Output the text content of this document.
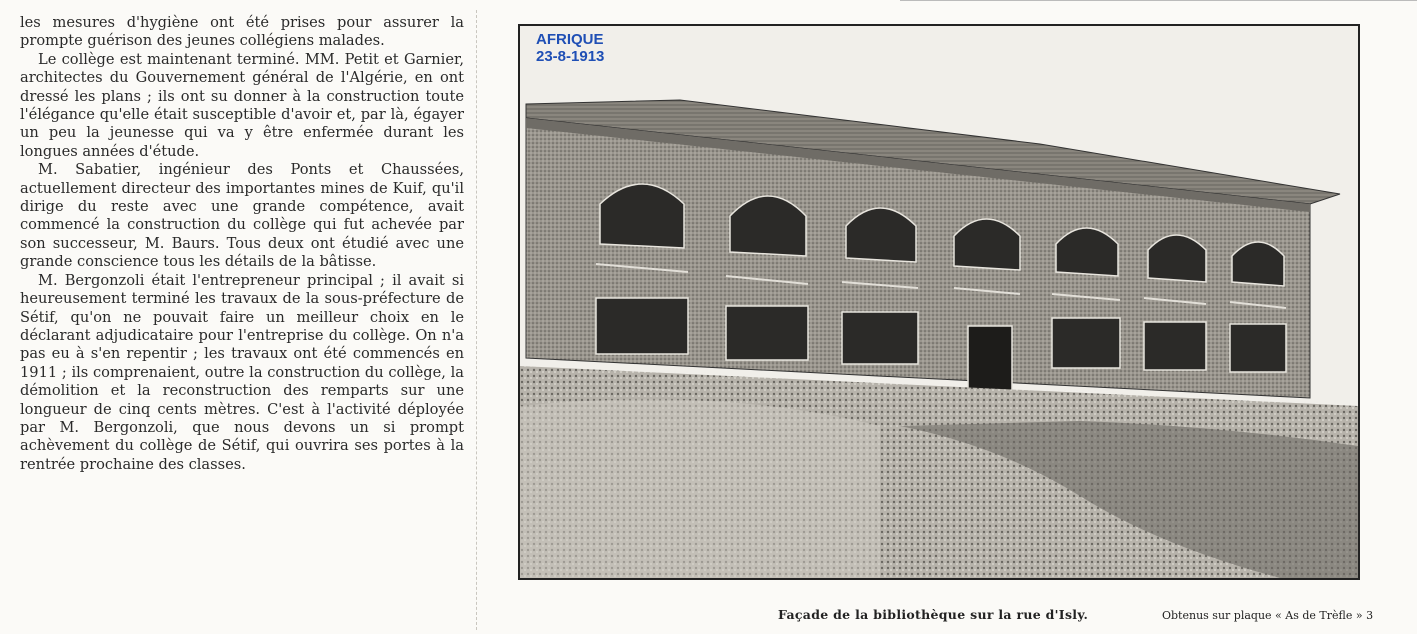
les mesures d'hygiène ont été prises pour assurer la prompte guérison des jeunes collégiens malades.

Le collège est maintenant terminé. MM. Petit et Garnier, architectes du Gouvernement général de l'Algérie, en ont dressé les plans ; ils ont su donner à la construction toute l'élégance qu'elle était susceptible d'avoir et, par là, égayer un peu la jeunesse qui va y être enfermée durant les longues années d'étude.

M. Sabatier, ingénieur des Ponts et Chaussées, actuellement directeur des importantes mines de Kuif, qu'il dirige du reste avec une grande compétence, avait commencé la construction du collège qui fut achevée par son successeur, M. Baurs. Tous deux ont étudié avec une grande conscience tous les détails de la bâtisse.

M. Bergonzoli était l'entrepreneur principal ; il avait si heureusement terminé les travaux de la sous-préfecture de Sétif, qu'on ne pouvait faire un meilleur choix en le déclarant adjudicataire pour l'entreprise du collège. On n'a pas eu à s'en repentir ; les travaux ont été commencés en 1911 ; ils comprenaient, outre la construction du collège, la démolition et la reconstruction des remparts sur une longueur de cinq cents mètres. C'est à l'activité déployée par M. Bergonzoli, que nous devons un si prompt achèvement du collège de Sétif, qui ouvrira ses portes à la rentrée prochaine des classes.

AFRIQUE
23-8-1913
Façade de la bibliothèque sur la rue d'Isly.	Obtenus sur plaque « As de Trèfle » 3
